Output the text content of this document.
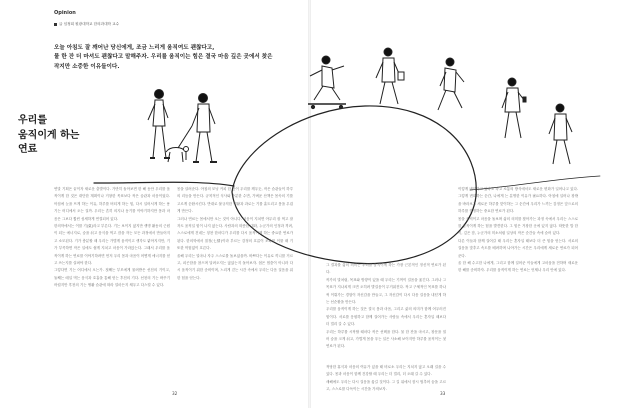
Opinion
글 임정희 원광대학교 한의과대학 교수
오늘 아침도 잘 깨어난 당신에게, 조금 느리게 움직여도 괜찮다고,
물 한 잔 더 마셔도 괜찮다고 말해주자. 우리를 움직이는 힘은 결국 마음 깊은 곳에서 찾은
작지만 소중한 이유들이다.
우리를
움직이게 하는
연료

연말 기획은 끝이자 새로운 출발이다. 가만히 돌아보면 한 해 동안 우리를 움직이게 한 것은 대단한 계획이나 거창한 목표보다 작은 습관과 마음이었다. 아침에 눈을 뜨게 하는 이유, 하루를 버티게 하는 힘, 다시 일어서게 하는 용기는 어디에서 오는 걸까. 우리는 흔히 의지나 동기를 이야기하지만 몸과 마음은 그보다 훨씬 섬세하게 연결되어 있다.

한의학에서는 이를 기(氣)라고 부른다. 기는 보이지 않지만 생명 활동의 근원이 되는 에너지로, 숨을 쉬고 음식을 먹고 잠을 자는 모든 과정에서 만들어지고 소모된다. 기가 충분할 때 우리는 가볍게 움직이고 생각도 맑아지지만, 기가 부족하면 작은 일에도 쉽게 지치고 마음이 가라앉는다. 그래서 우리를 움직이게 하는 연료를 이야기하려면 먼저 우리 몸과 마음이 어떻게 에너지를 얻고 쓰는지를 살펴야 한다.

그렇다면 기는 어디에서 오는가. 첫째는 부모에게 물려받은 선천의 기이고, 둘째는 매일 먹는 음식과 호흡을 통해 얻는 후천의 기다. 선천의 기는 바꾸기 어렵지만 후천의 기는 생활 습관에 따라 얼마든지 채우고 다스릴 수 있다.

몸을 살려준다. 아침의 모닝 커피 한 잔이 우리를 깨우듯, 작은 습관들이 하루의 리듬을 만든다. 규칙적인 식사와 충분한 수면, 가벼운 산책은 몸속의 기를 고르게 순환시킨다. 반대로 불규칙한 생활과 과로는 기를 흩트리고 몸을 무겁게 만든다.

그러나 연료는 몸에서만 오는 것이 아니다. 마음이 지치면 아무리 잘 먹고 잘 자도 움직일 힘이 나지 않는다. 사람과의 따뜻한 대화, 누군가의 인정과 격려, 스스로에게 건네는 칭찬 한마디가 우리를 다시 움직이게 하는 중요한 연료가 된다. 한의학에서 칠정(七情)이라 부르는 감정의 흐름이 조화를 이룰 때 기 또한 막힘없이 흐른다.

올해 우리는 얼마나 자주 스스로를 돌보았을까. 바쁘다는 이유로 끼니를 거르고, 피곤함을 참으며 달려오지는 않았는지 돌아보자. 쉼은 멈춤이 아니라 다시 움직이기 위한 준비이며, 느리게 걷는 시간 속에서 우리는 다음 걸음을 위한 힘을 얻는다.

그 결과를 삶의 의미는 우리를 움직이게 하는 가장 근본적인 정신적 연료가 된다.

작가의 말처럼, 목표와 방향이 있을 때 우리는 기꺼이 걸음을 옮긴다. 그러나 그 목표가 지나치게 크면 오히려 발걸음이 무거워진다. 작고 구체적인 목표를 하나씩 이뤄가는 경험이 자신감을 만들고, 그 자신감이 다시 다음 걸음을 내딛게 하는 선순환을 만든다.

우리를 움직이게 하는 것은 결국 몸과 마음, 그리고 삶의 의미가 함께 어우러진 힘이다. 서로를 응원하고 함께 걸어가는 사람들 속에서 우리는 혼자일 때보다 더 멀리 갈 수 있다.

우리는 하루를 시작할 때마다 작은 선택을 한다. 물 한 잔을 마시고, 창문을 열어 숨을 크게 쉬고, 가볍게 몸을 푸는 일은 사소해 보이지만 하루를 움직이는 첫 연료가 된다.

적당한 휴식과 마음의 여유가 있을 때 비로소 우리는 지치지 않고 오래 걸을 수 있다. 몸과 마음이 함께 건강할 때 우리는 더 멀리, 더 오래 갈 수 있다.

새해에도 우리는 다시 걸음을 옮길 것이다. 그 길 위에서 잠시 멈추어 숨을 고르고, 스스로를 다독이는 시간을 가져보자.

이렇게 변화하고 있다고 하고 소통의 방식에서도 새로운 변화가 일어나고 있다. 그렇게 변화하는 순간, 나에게 는 분명한 이유가 필요하다. 아침에 일어나 창밖을 바라보고 새로운 하루를 맞이하는 그 순간에 우리가 느끼는 감정은 앞으로의 하루를 결정하는 중요한 연료가 된다.

몸을 움직이고 마음을 돌보며 삶의 의미를 찾아가는 과정 속에서 우리는 스스로를 움직이게 하는 힘을 발견한다. 그 힘은 거창한 곳에 있지 않다. 따뜻한 밥 한 끼, 깊은 잠, 누군가의 미소처럼 일상의 작은 순간들 속에 숨어 있다.

다른 이들과 함께 걸어갈 때 우리는 혼자일 때보다 더 큰 힘을 얻는다. 서로의 걸음을 맞추고 속도를 배려하며 나아가는 시간은 우리에게 새로운 연료가 되어준다.

올 한 해 수고한 나에게, 그리고 함께 걸어준 이들에게 고마움을 전하며 새로운 한 해를 준비하자. 우리를 움직이게 하는 연료는 언제나 우리 안에 있다.

32	33
